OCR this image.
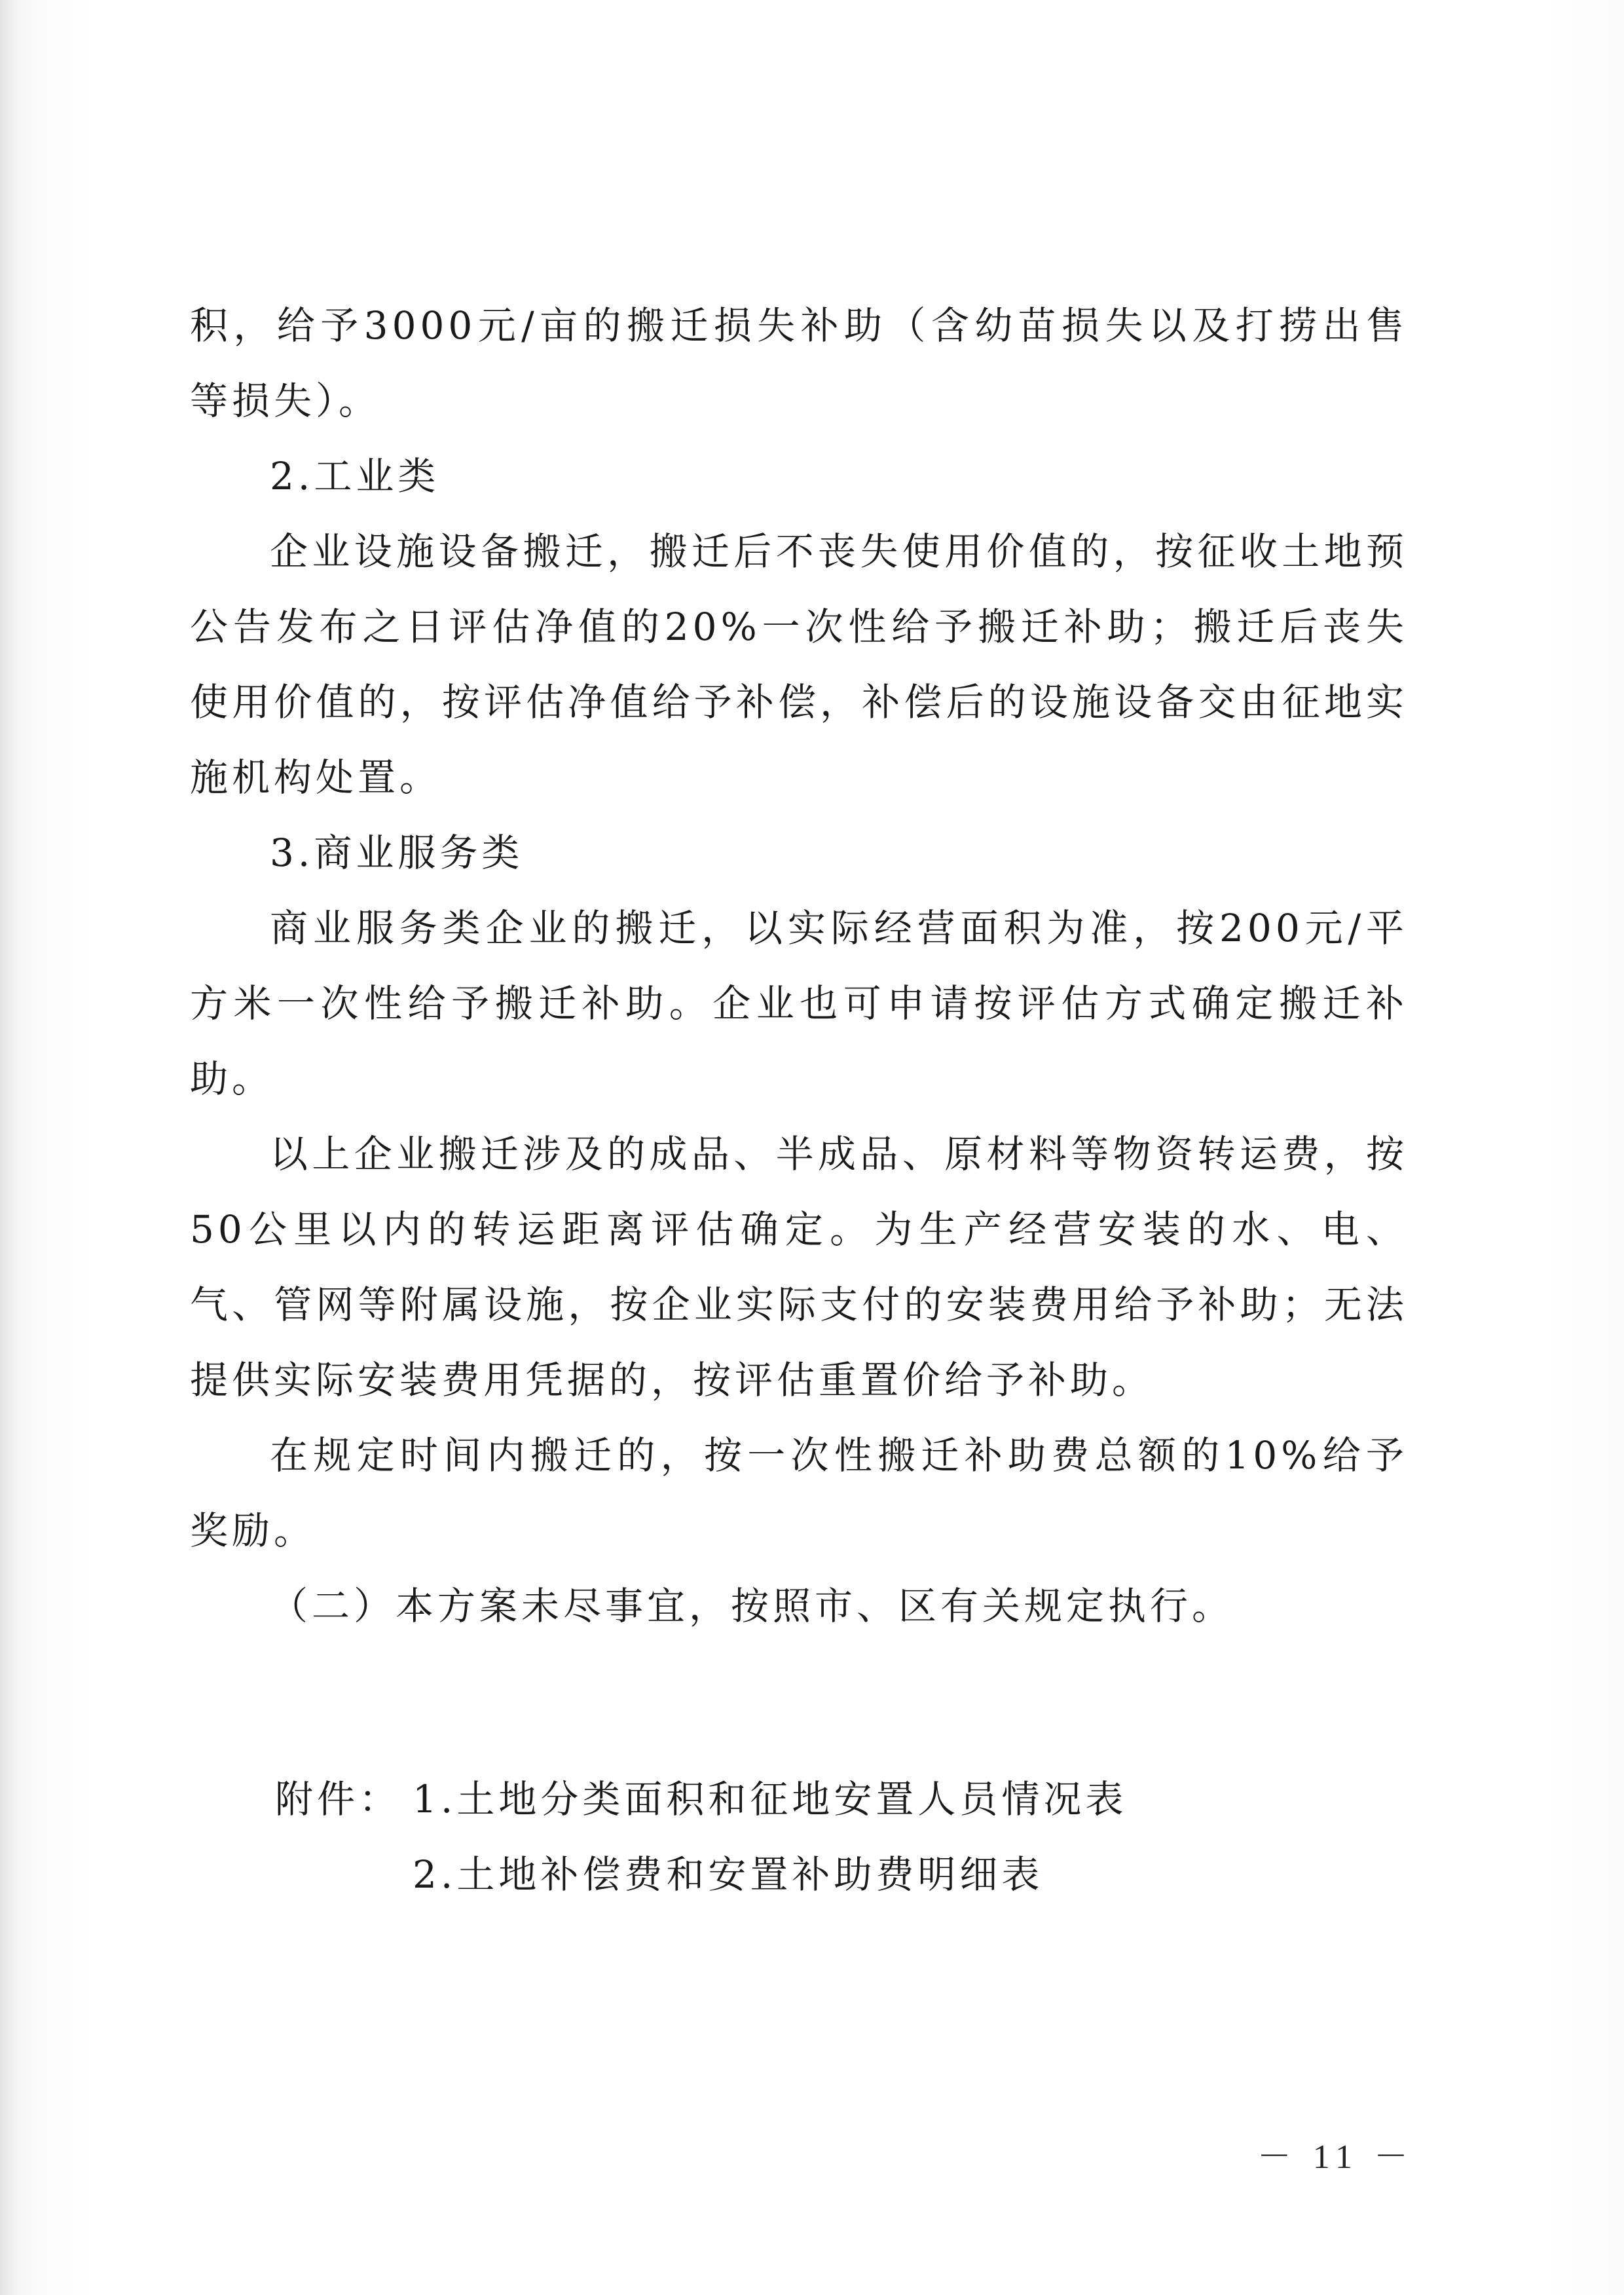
积，给予3000元/亩的搬迁损失补助（含幼苗损失以及打捞出售等损失）。

2.工业类

企业设施设备搬迁，搬迁后不丧失使用价值的，按征收土地预公告发布之日评估净值的20%一次性给予搬迁补助；搬迁后丧失使用价值的，按评估净值给予补偿，补偿后的设施设备交由征地实施机构处置。

3.商业服务类

商业服务类企业的搬迁，以实际经营面积为准，按200元/平方米一次性给予搬迁补助。企业也可申请按评估方式确定搬迁补助。

以上企业搬迁涉及的成品、半成品、原材料等物资转运费，按50公里以内的转运距离评估确定。为生产经营安装的水、电、气、管网等附属设施，按企业实际支付的安装费用给予补助；无法提供实际安装费用凭据的，按评估重置价给予补助。

在规定时间内搬迁的，按一次性搬迁补助费总额的10%给予奖励。

（二）本方案未尽事宜，按照市、区有关规定执行。

附件： 1.土地分类面积和征地安置人员情况表
2.土地补偿费和安置补助费明细表
－ 11 －
